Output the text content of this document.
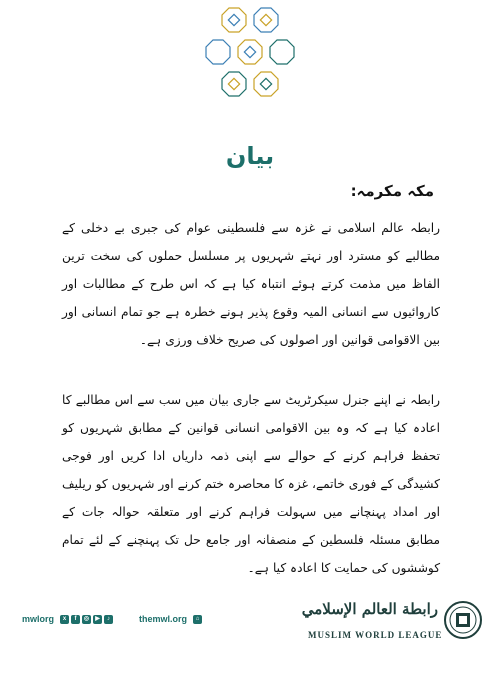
بیان
مکہ مکرمہ:
رابطہ عالم اسلامی نے غزہ سے فلسطینی عوام کی جبری بے دخلی کے مطالبے کو مسترد اور نہتے شہریوں پر مسلسل حملوں کی سخت ترین الفاظ میں مذمت کرتے ہوئے انتباہ کیا ہے کہ اس طرح کے مطالبات اور کاروائیوں سے انسانی المیہ وقوع پذیر ہونے خطرہ ہے جو تمام انسانی اور بین الاقوامی قوانین اور اصولوں کی صریح خلاف ورزی ہے۔
رابطہ نے اپنے جنرل سیکرٹریٹ سے جاری بیان میں سب سے اس مطالبے کا اعادہ کیا ہے کہ وہ بین الاقوامی انسانی قوانین کے مطابق شہریوں کو تحفظ فراہم کرنے کے حوالے سے اپنی ذمہ داریاں ادا کریں اور فوجی کشیدگی کے فوری خاتمے، غزہ کا محاصرہ ختم کرنے اور شہریوں کو ریلیف اور امداد پہنچانے میں سہولت فراہم کرنے اور متعلقہ حوالہ جات کے مطابق مسئلہ فلسطین کے منصفانہ اور جامع حل تک پہنچنے کے لئے تمام کوششوں کی حمایت کا اعادہ کیا ہے۔
mwlorg	x	f	◎	▶	♪	themwl.org	⌂
رابطة العالم الإسلامي
MUSLIM WORLD LEAGUE
